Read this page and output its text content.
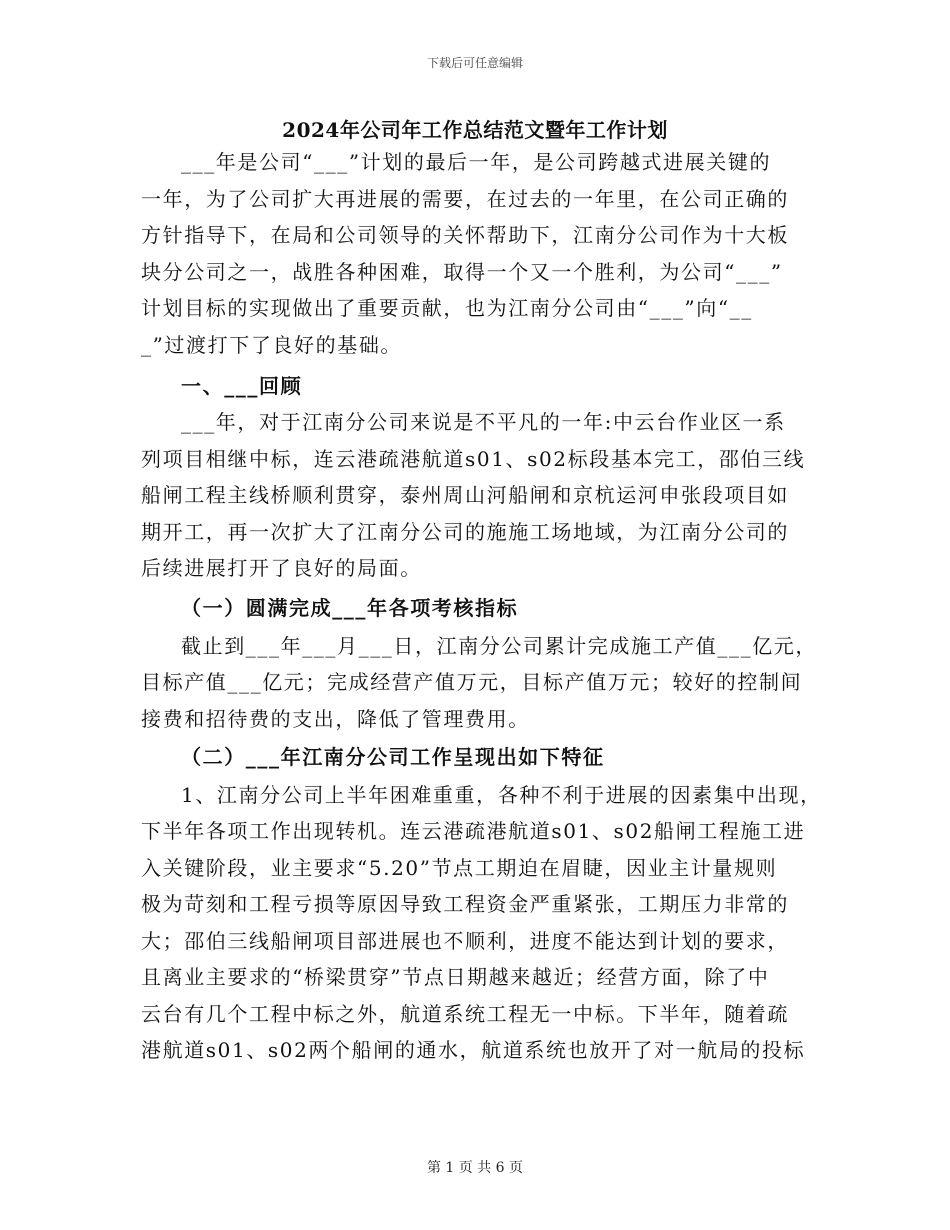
下载后可任意编辑
2024年公司年工作总结范文暨年工作计划
___年是公司“___”计划的最后一年，是公司跨越式进展关键的
一年，为了公司扩大再进展的需要，在过去的一年里，在公司正确的
方针指导下，在局和公司领导的关怀帮助下，江南分公司作为十大板
块分公司之一，战胜各种困难，取得一个又一个胜利，为公司“___”
计划目标的实现做出了重要贡献，也为江南分公司由“___”向“__
_”过渡打下了良好的基础。
一、___回顾
___年，对于江南分公司来说是不平凡的一年:中云台作业区一系
列项目相继中标，连云港疏港航道s01、s02标段基本完工，邵伯三线
船闸工程主线桥顺利贯穿，泰州周山河船闸和京杭运河申张段项目如
期开工，再一次扩大了江南分公司的施施工场地域，为江南分公司的
后续进展打开了良好的局面。
（一）圆满完成___年各项考核指标
截止到___年___月___日，江南分公司累计完成施工产值___亿元，
目标产值___亿元；完成经营产值万元，目标产值万元；较好的控制间
接费和招待费的支出，降低了管理费用。
（二）___年江南分公司工作呈现出如下特征
1、江南分公司上半年困难重重，各种不利于进展的因素集中出现，
下半年各项工作出现转机。连云港疏港航道s01、s02船闸工程施工进
入关键阶段，业主要求“5.20”节点工期迫在眉睫，因业主计量规则
极为苛刻和工程亏损等原因导致工程资金严重紧张，工期压力非常的
大；邵伯三线船闸项目部进展也不顺利，进度不能达到计划的要求，
且离业主要求的“桥梁贯穿”节点日期越来越近；经营方面，除了中
云台有几个工程中标之外，航道系统工程无一中标。下半年，随着疏
港航道s01、s02两个船闸的通水，航道系统也放开了对一航局的投标
第 1 页 共 6 页
